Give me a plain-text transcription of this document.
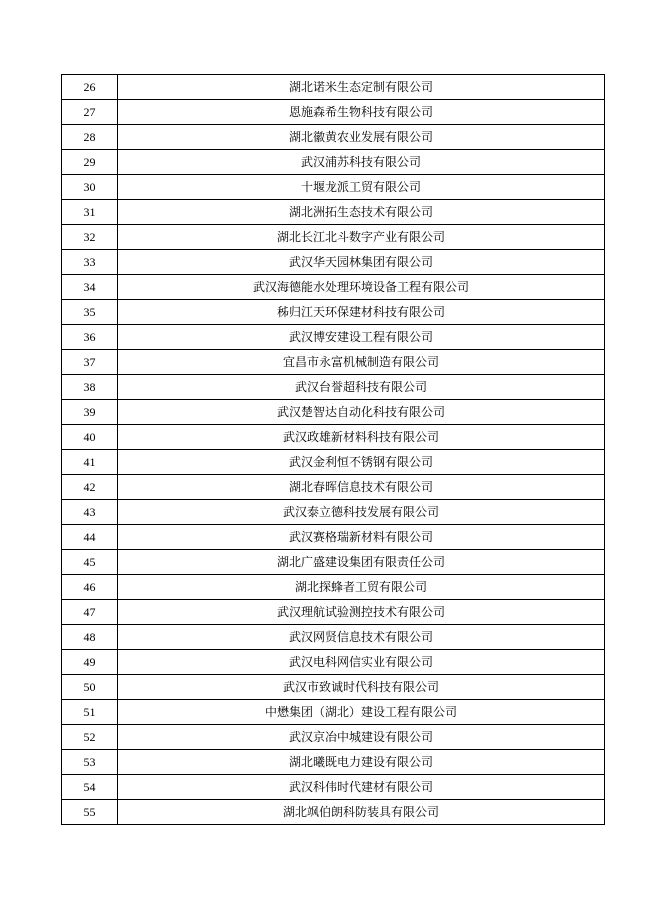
26	湖北诺米生态定制有限公司
27	恩施森希生物科技有限公司
28	湖北徽黄农业发展有限公司
29	武汉浦苏科技有限公司
30	十堰龙派工贸有限公司
31	湖北洲拓生态技术有限公司
32	湖北长江北斗数字产业有限公司
33	武汉华天园林集团有限公司
34	武汉海德能水处理环境设备工程有限公司
35	秭归江天环保建材科技有限公司
36	武汉博安建设工程有限公司
37	宜昌市永富机械制造有限公司
38	武汉台誉超科技有限公司
39	武汉楚智达自动化科技有限公司
40	武汉政雄新材料科技有限公司
41	武汉金利恒不锈钢有限公司
42	湖北春晖信息技术有限公司
43	武汉泰立德科技发展有限公司
44	武汉赛格瑞新材料有限公司
45	湖北广盛建设集团有限责任公司
46	湖北探蜂者工贸有限公司
47	武汉理航试验测控技术有限公司
48	武汉网贤信息技术有限公司
49	武汉电科网信实业有限公司
50	武汉市致诚时代科技有限公司
51	中懋集团（湖北）建设工程有限公司
52	武汉京冶中城建设有限公司
53	湖北曦既电力建设有限公司
54	武汉科伟时代建材有限公司
55	湖北飒伯朗科防装具有限公司
